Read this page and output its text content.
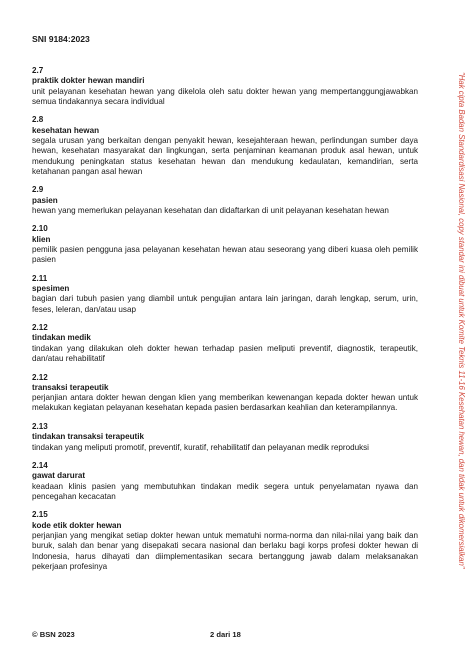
SNI 9184:2023

2.7
praktik dokter hewan mandiri
unit pelayanan kesehatan hewan yang dikelola oleh satu dokter hewan yang mempertanggungjawabkan semua tindakannya secara individual
2.8
kesehatan hewan
segala urusan yang berkaitan dengan penyakit hewan, kesejahteraan hewan, perlindungan sumber daya hewan, kesehatan masyarakat dan lingkungan, serta penjaminan keamanan produk asal hewan, untuk mendukung peningkatan status kesehatan hewan dan mendukung kedaulatan, kemandirian, serta ketahanan pangan asal hewan
2.9
pasien
hewan yang memerlukan pelayanan kesehatan dan didaftarkan di unit pelayanan kesehatan hewan
2.10
klien
pemilik pasien pengguna jasa pelayanan kesehatan hewan atau seseorang yang diberi kuasa oleh pemilik pasien
2.11
spesimen
bagian dari tubuh pasien yang diambil untuk pengujian antara lain jaringan, darah lengkap, serum, urin, feses, leleran, dan/atau usap
2.12
tindakan medik
tindakan yang dilakukan oleh dokter hewan terhadap pasien meliputi preventif, diagnostik, terapeutik, dan/atau rehabilitatif
2.12
transaksi terapeutik
perjanjian antara dokter hewan dengan klien yang memberikan kewenangan kepada dokter hewan untuk melakukan kegiatan pelayanan kesehatan kepada pasien berdasarkan keahlian dan keterampilannya.
2.13
tindakan transaksi terapeutik
tindakan yang meliputi promotif, preventif, kuratif, rehabilitatif dan pelayanan medik reproduksi
2.14
gawat darurat
keadaan klinis pasien yang membutuhkan tindakan medik segera untuk penyelamatan nyawa dan pencegahan kecacatan
2.15
kode etik dokter hewan
perjanjian yang mengikat setiap dokter hewan untuk mematuhi norma-norma dan nilai-nilai yang baik dan buruk, salah dan benar yang disepakati secara nasional dan berlaku bagi korps profesi dokter hewan di Indonesia, harus dihayati dan diimplementasikan secara bertanggung jawab dalam melaksanakan pekerjaan profesinya

© BSN 2023	2 dari 18

"Hak cipta Badan Standardisasi Nasional, copy standar ini dibuat untuk Komite Teknis 11-16 Kesehatan hewan, dan tidak untuk dikomersialkan"
